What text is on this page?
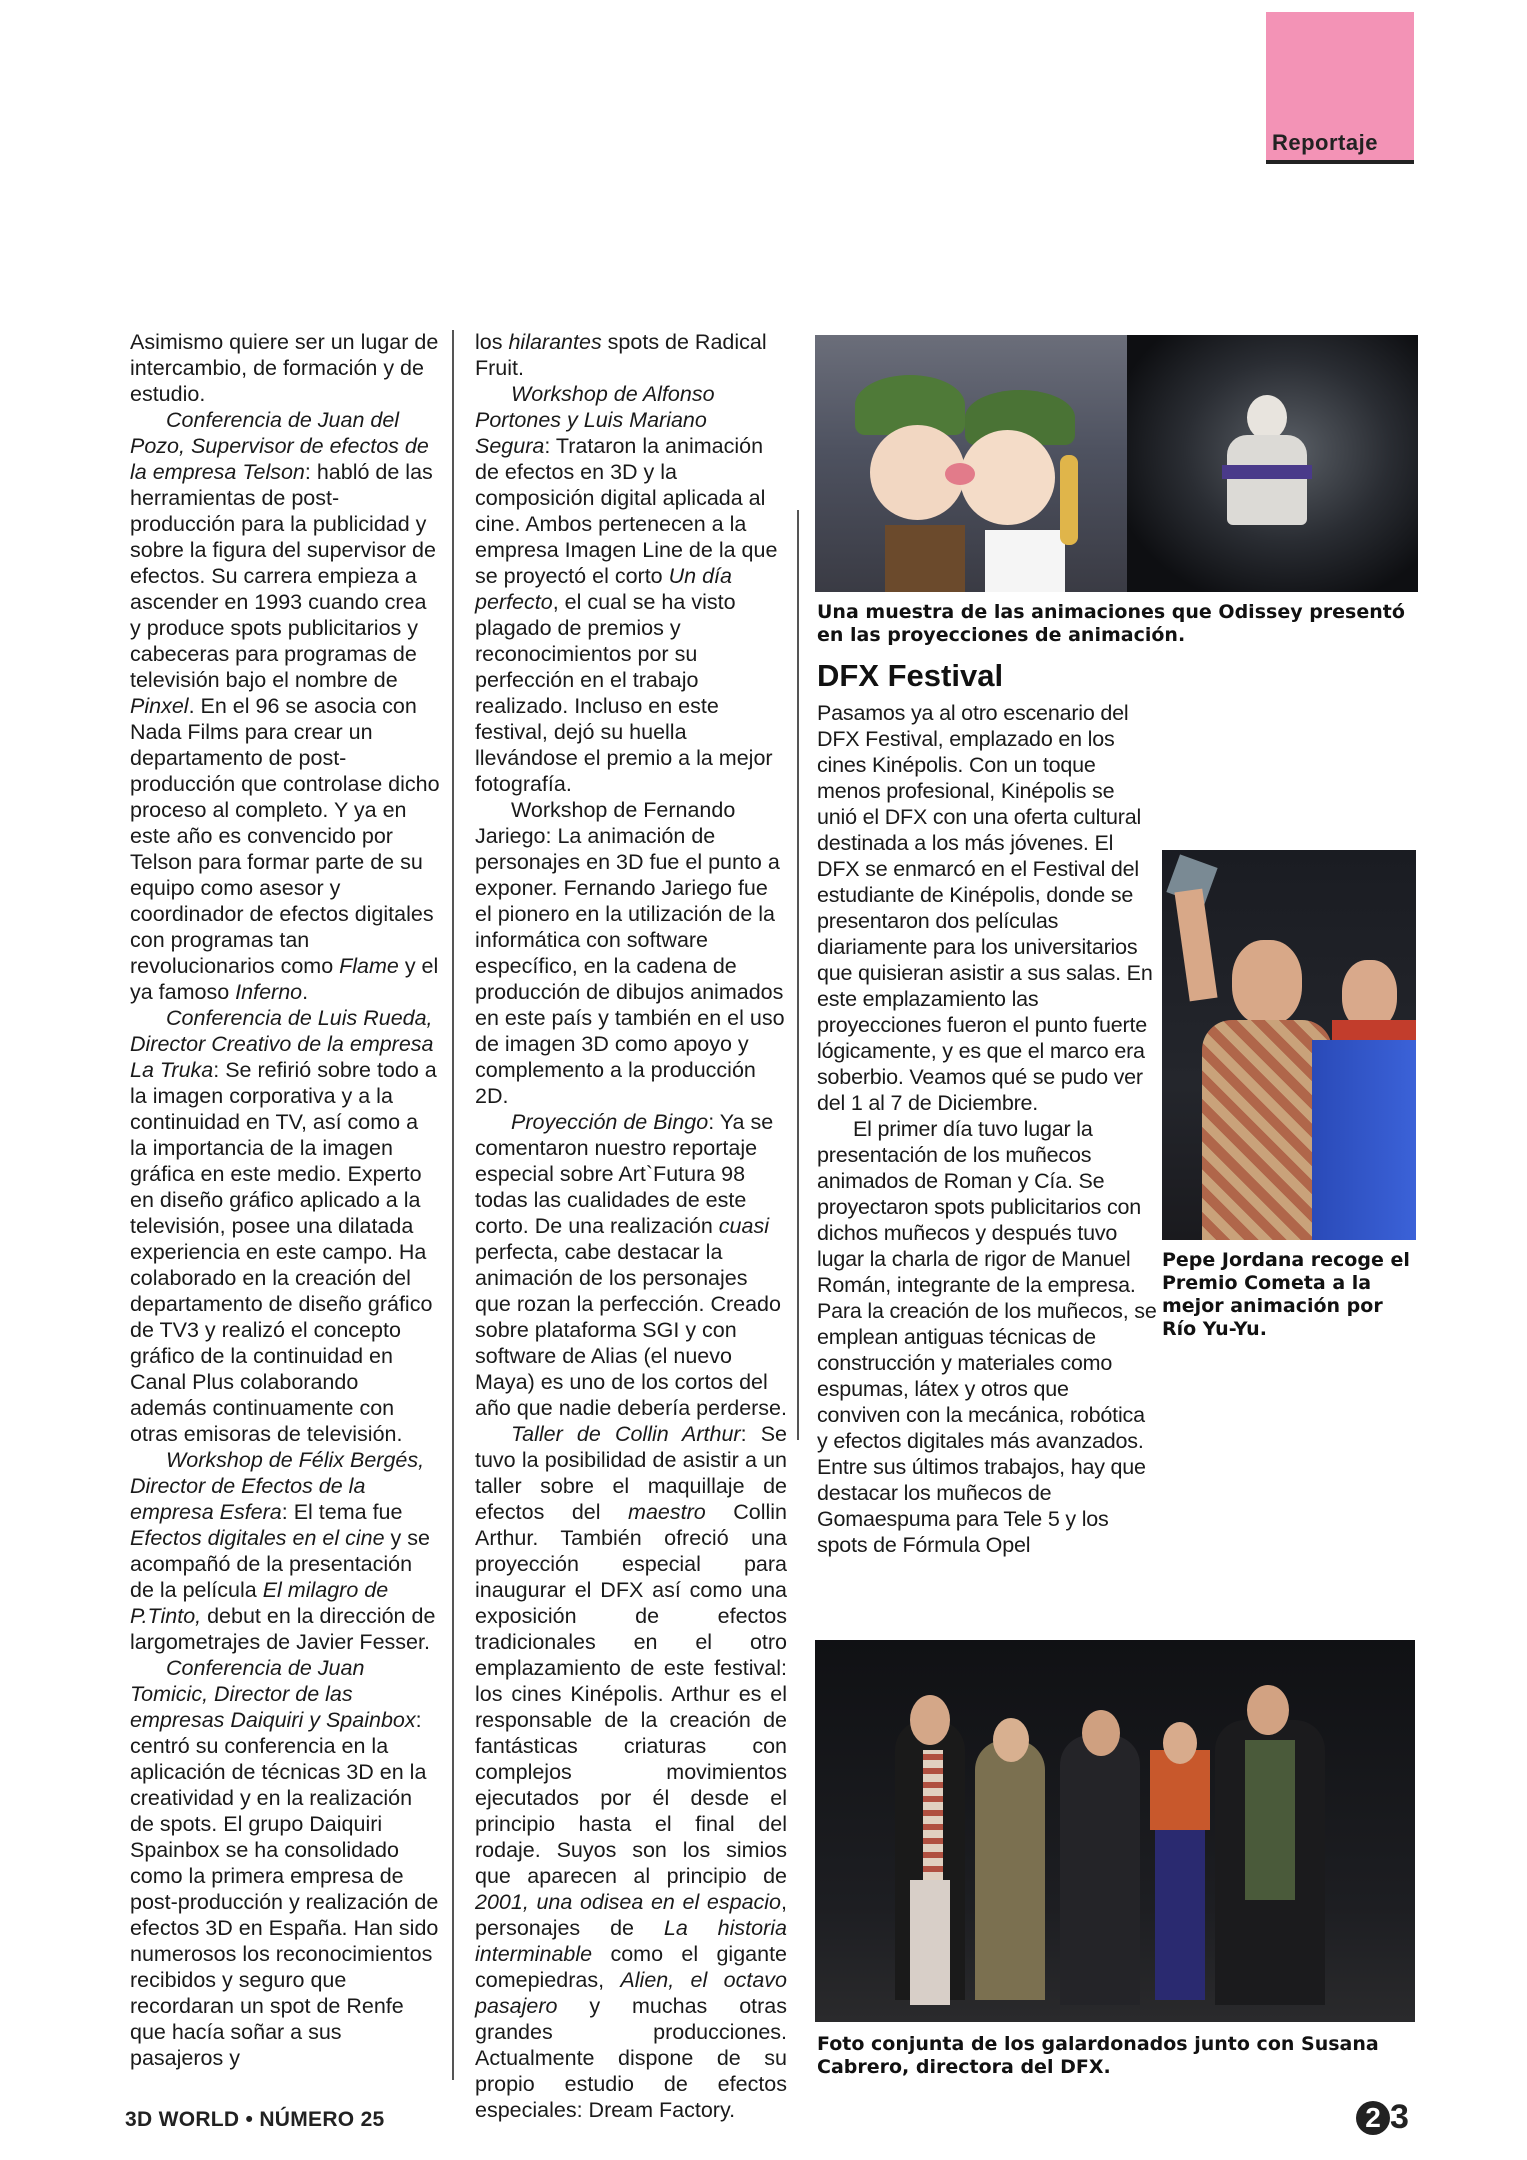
Reportaje

Asimismo quiere ser un lugar de intercambio, de formación y de estudio.

Conferencia de Juan del Pozo, Supervisor de efectos de la empresa Telson: habló de las herramientas de post-producción para la publicidad y sobre la figura del supervisor de efectos. Su carrera empieza a ascender en 1993 cuando crea y produce spots publicitarios y cabeceras para programas de televisión bajo el nombre de Pinxel. En el 96 se asocia con Nada Films para crear un departamento de post-producción que controlase dicho proceso al completo. Y ya en este año es convencido por Telson para formar parte de su equipo como asesor y coordinador de efectos digitales con programas tan revolucionarios como Flame y el ya famoso Inferno.

Conferencia de Luis Rueda, Director Creativo de la empresa La Truka: Se refirió sobre todo a la imagen corporativa y a la continuidad en TV, así como a la importancia de la imagen gráfica en este medio. Experto en diseño gráfico aplicado a la televisión, posee una dilatada experiencia en este campo. Ha colaborado en la creación del departamento de diseño gráfico de TV3 y realizó el concepto gráfico de la continuidad en Canal Plus colaborando además continuamente con otras emisoras de televisión.

Workshop de Félix Bergés, Director de Efectos de la empresa Esfera: El tema fue Efectos digitales en el cine y se acompañó de la presentación de la película El milagro de P.Tinto, debut en la dirección de largometrajes de Javier Fesser.

Conferencia de Juan Tomicic, Director de las empresas Daiquiri y Spainbox: centró su conferencia en la aplicación de técnicas 3D en la creatividad y en la realización de spots. El grupo Daiquiri Spainbox se ha consolidado como la primera empresa de post-producción y realización de efectos 3D en España. Han sido numerosos los reconocimientos recibidos y seguro que recordaran un spot de Renfe que hacía soñar a sus pasajeros y

los hilarantes spots de Radical Fruit.

Workshop de Alfonso Portones y Luis Mariano Segura: Trataron la animación de efectos en 3D y la composición digital aplicada al cine. Ambos pertenecen a la empresa Imagen Line de la que se proyectó el corto Un día perfecto, el cual se ha visto plagado de premios y reconocimientos por su perfección en el trabajo realizado. Incluso en este festival, dejó su huella llevándose el premio a la mejor fotografía.

Workshop de Fernando Jariego: La animación de personajes en 3D fue el punto a exponer. Fernando Jariego fue el pionero en la utilización de la informática con software específico, en la cadena de producción de dibujos animados en este país y también en el uso de imagen 3D como apoyo y complemento a la producción 2D.

Proyección de Bingo: Ya se comentaron nuestro reportaje especial sobre Art`Futura 98 todas las cualidades de este corto. De una realización cuasi perfecta, cabe destacar la animación de los personajes que rozan la perfección. Creado sobre plataforma SGI y con software de Alias (el nuevo Maya) es uno de los cortos del año que nadie debería perderse.

Taller de Collin Arthur: Se tuvo la posibilidad de asistir a un taller sobre el maquillaje de efectos del maestro Collin Arthur. También ofreció una proyección especial para inaugurar el DFX así como una exposición de efectos tradicionales en el otro emplazamiento de este festival: los cines Kinépolis. Arthur es el responsable de la creación de fantásticas criaturas con complejos movimientos ejecutados por él desde el principio hasta el final del rodaje. Suyos son los simios que aparecen al principio de 2001, una odisea en el espacio, personajes de La historia interminable como el gigante comepiedras, Alien, el octavo pasajero y muchas otras grandes producciones. Actualmente dispone de su propio estudio de efectos especiales: Dream Factory.

Una muestra de las animaciones que Odissey presentó en las proyecciones de animación.
DFX Festival

Pasamos ya al otro escenario del DFX Festival, emplazado en los cines Kinépolis. Con un toque menos profesional, Kinépolis se unió el DFX con una oferta cultural destinada a los más jóvenes. El DFX se enmarcó en el Festival del estudiante de Kinépolis, donde se presentaron dos películas diariamente para los universitarios que quisieran asistir a sus salas. En este emplazamiento las proyecciones fueron el punto fuerte lógicamente, y es que el marco era soberbio. Veamos qué se pudo ver del 1 al 7 de Diciembre.

El primer día tuvo lugar la presentación de los muñecos animados de Roman y Cía. Se proyectaron spots publicitarios con dichos muñecos y después tuvo lugar la charla de rigor de Manuel Román, integrante de la empresa. Para la creación de los muñecos, se emplean antiguas técnicas de construcción y materiales como espumas, látex y otros que conviven con la mecánica, robótica y efectos digitales más avanzados. Entre sus últimos trabajos, hay que destacar los muñecos de Gomaespuma para Tele 5 y los spots de Fórmula Opel

Pepe Jordana recoge el Premio Cometa a la mejor animación por Río Yu-Yu.
Foto conjunta de los galardonados junto con Susana Cabrero, directora del DFX.
3D WORLD • NÚMERO 25	2 3
